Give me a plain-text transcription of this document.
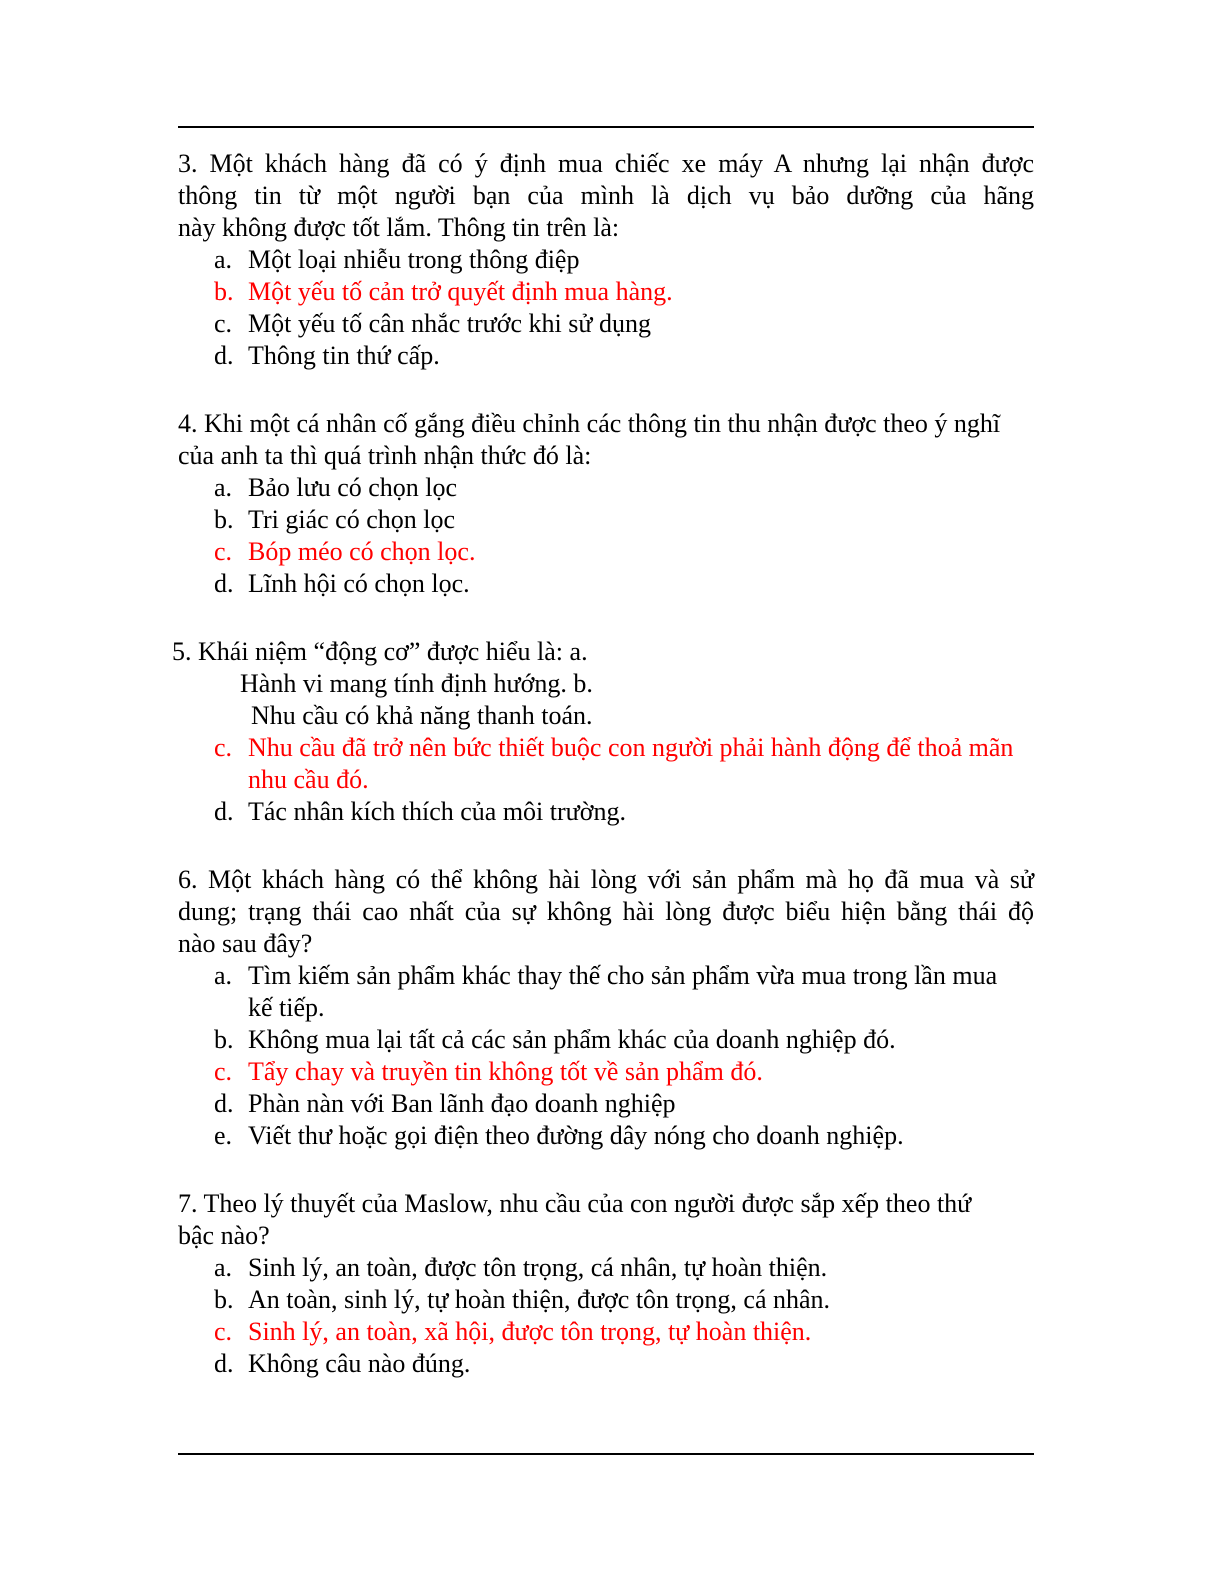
3. Một khách hàng đã có ý định mua chiếc xe máy A nhưng lại nhận được
thông tin từ một người bạn của mình là dịch vụ bảo dưỡng của hãng
này không được tốt lắm. Thông tin trên là:
a. Một loại nhiễu trong thông điệp
b. Một yếu tố cản trở quyết định mua hàng.
c. Một yếu tố cân nhắc trước khi sử dụng
d. Thông tin thứ cấp.
4. Khi một cá nhân cố gắng điều chỉnh các thông tin thu nhận được theo ý nghĩ
của anh ta thì quá trình nhận thức đó là:
a. Bảo lưu có chọn lọc
b. Tri giác có chọn lọc
c. Bóp méo có chọn lọc.
d. Lĩnh hội có chọn lọc.
5. Khái niệm “động cơ” được hiểu là: a.
Hành vi mang tính định hướng. b.
Nhu cầu có khả năng thanh toán.
c. Nhu cầu đã trở nên bức thiết buộc con người phải hành động để thoả mãn
nhu cầu đó.
d. Tác nhân kích thích của môi trường.
6. Một khách hàng có thể không hài lòng với sản phẩm mà họ đã mua và sử
dung; trạng thái cao nhất của sự không hài lòng được biểu hiện bằng thái độ
nào sau đây?
a. Tìm kiếm sản phẩm khác thay thế cho sản phẩm vừa mua trong lần mua
kế tiếp.
b. Không mua lại tất cả các sản phẩm khác của doanh nghiệp đó.
c. Tẩy chay và truyền tin không tốt về sản phẩm đó.
d. Phàn nàn với Ban lãnh đạo doanh nghiệp
e. Viết thư hoặc gọi điện theo đường dây nóng cho doanh nghiệp.
7. Theo lý thuyết của Maslow, nhu cầu của con người được sắp xếp theo thứ
bậc nào?
a. Sinh lý, an toàn, được tôn trọng, cá nhân, tự hoàn thiện.
b. An toàn, sinh lý, tự hoàn thiện, được tôn trọng, cá nhân.
c. Sinh lý, an toàn, xã hội, được tôn trọng, tự hoàn thiện.
d. Không câu nào đúng.
